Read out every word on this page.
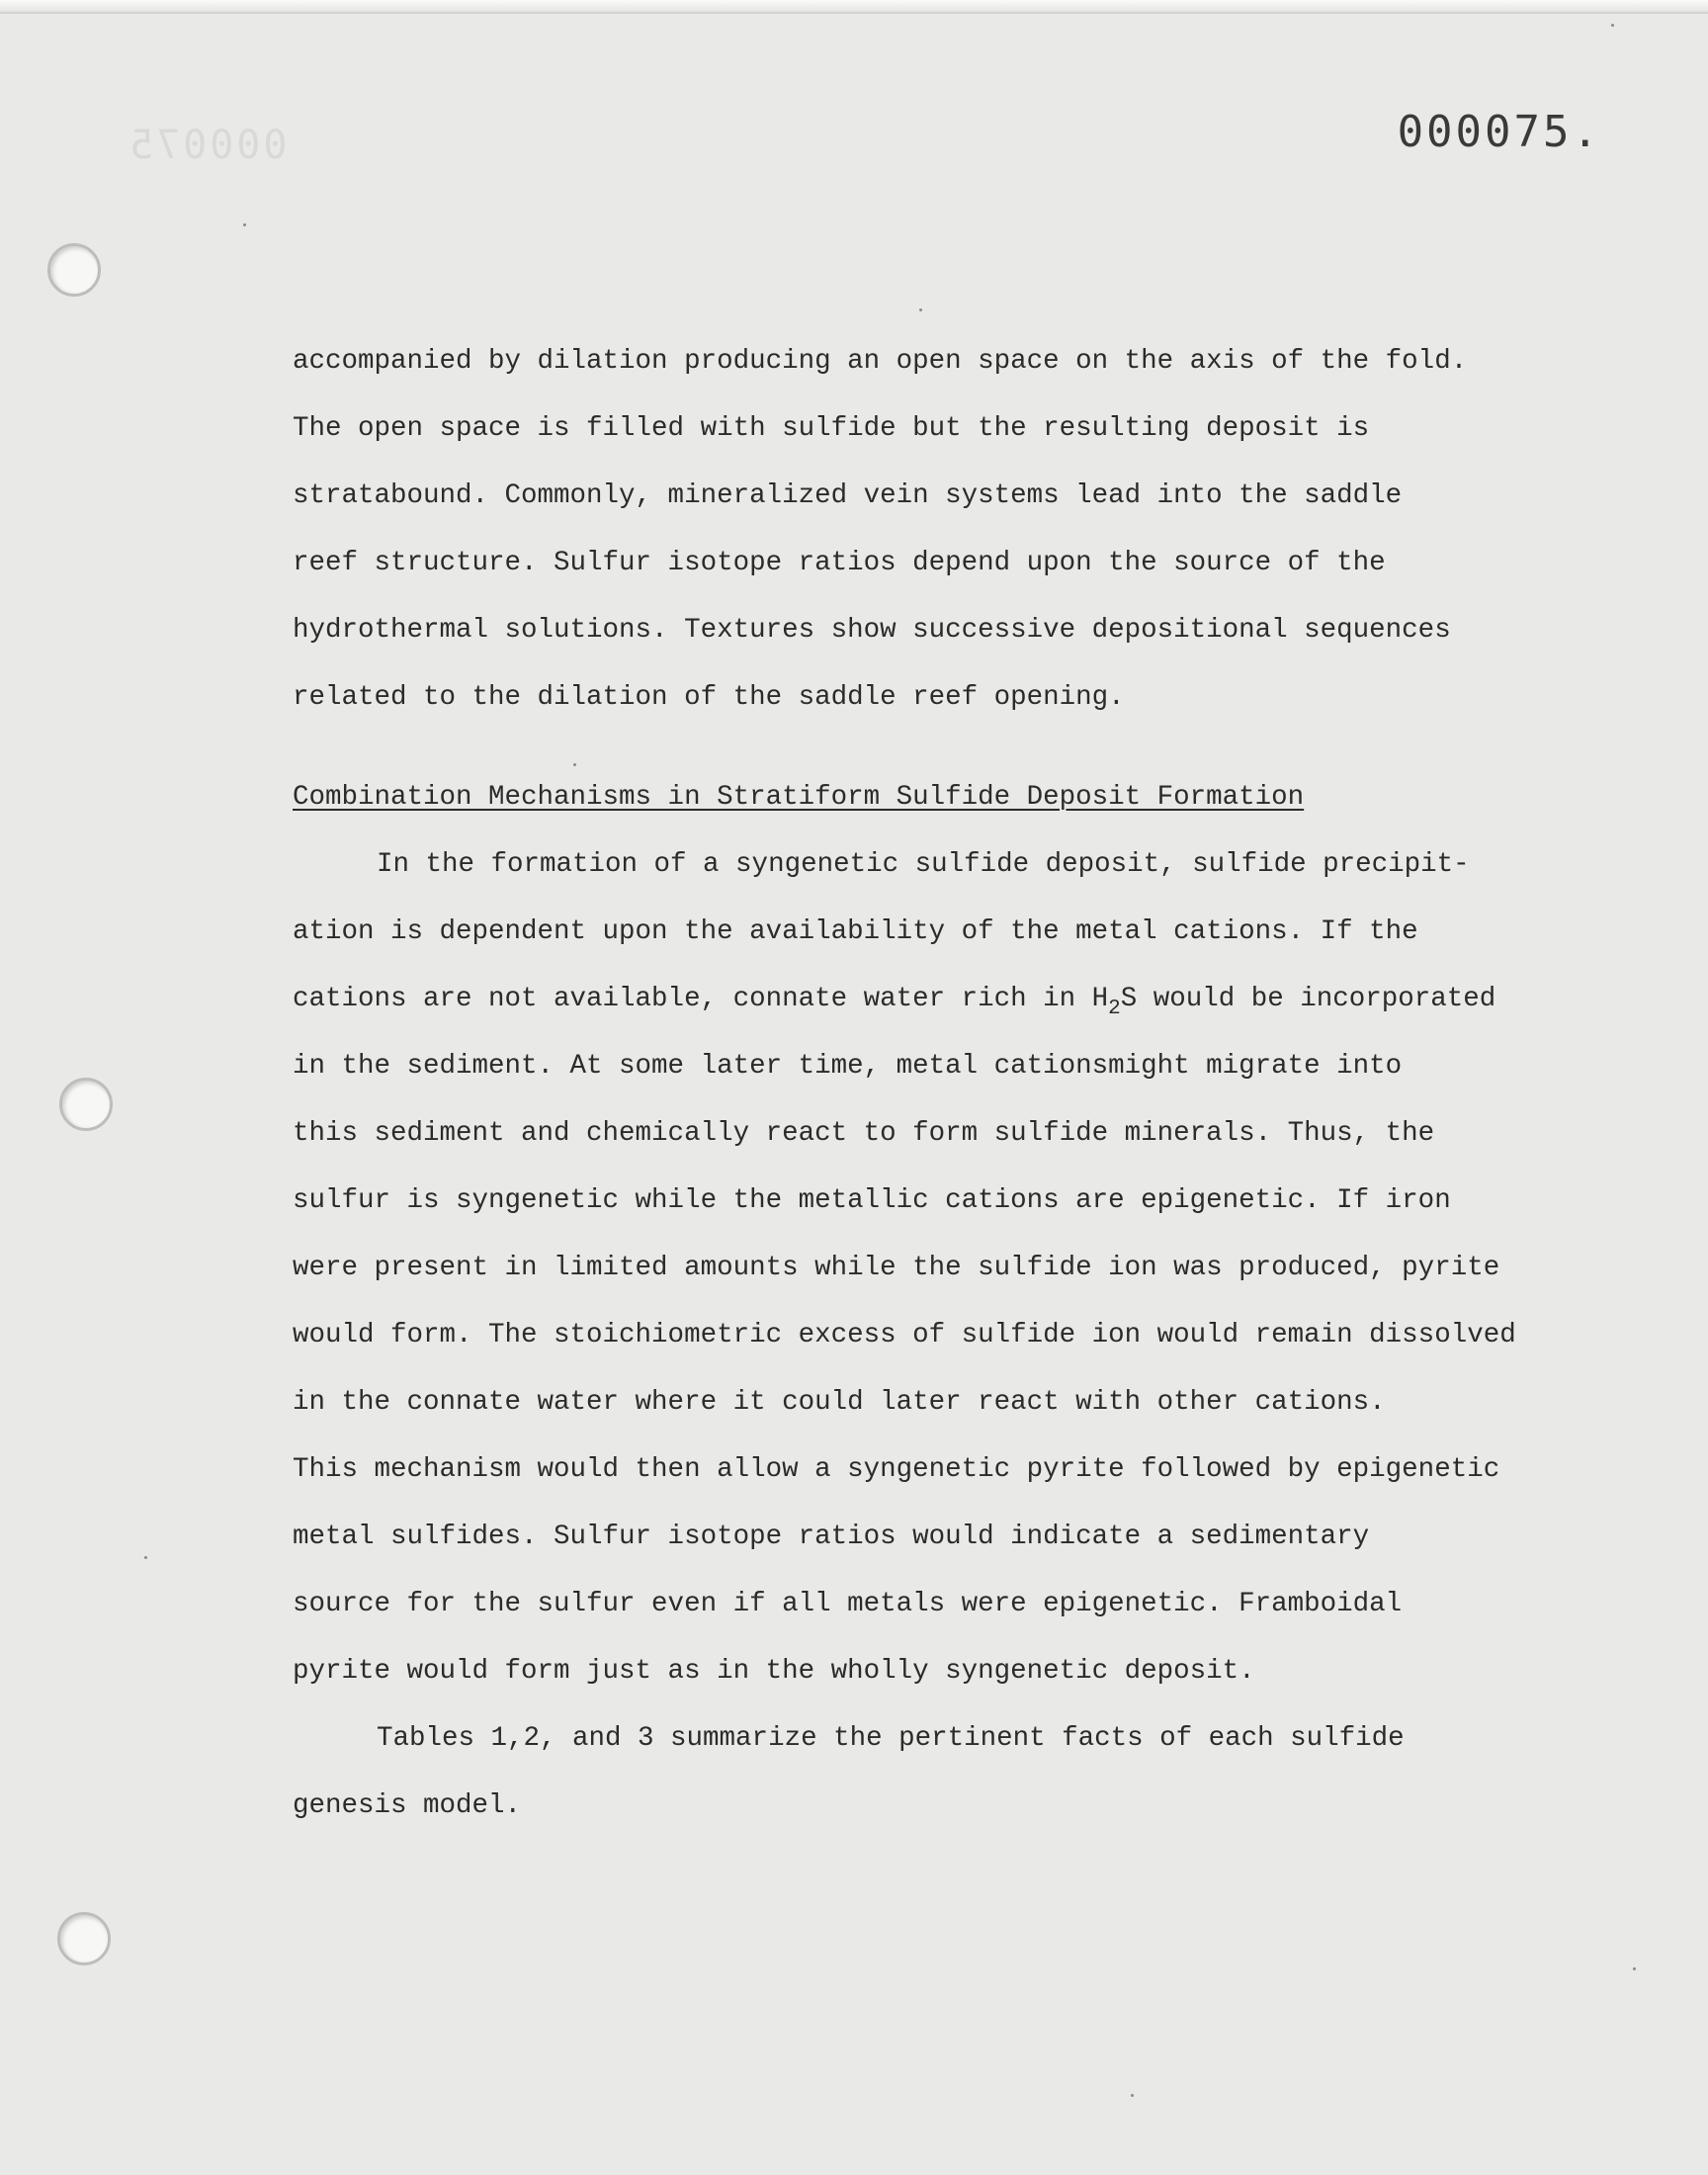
000075	000075.
accompanied by dilation producing an open space on the axis of the fold.
The open space is filled with sulfide but the resulting deposit is
stratabound. Commonly, mineralized vein systems lead into the saddle
reef structure. Sulfur isotope ratios depend upon the source of the
hydrothermal solutions. Textures show successive depositional sequences
related to the dilation of the saddle reef opening.
Combination Mechanisms in Stratiform Sulfide Deposit Formation
In the formation of a syngenetic sulfide deposit, sulfide precipit-
ation is dependent upon the availability of the metal cations. If the
cations are not available, connate water rich in $H_2S$ would be incorporated
in the sediment. At some later time, metal cationsmight migrate into
this sediment and chemically react to form sulfide minerals. Thus, the
sulfur is syngenetic while the metallic cations are epigenetic. If iron
were present in limited amounts while the sulfide ion was produced, pyrite
would form. The stoichiometric excess of sulfide ion would remain dissolved
in the connate water where it could later react with other cations.
This mechanism would then allow a syngenetic pyrite followed by epigenetic
metal sulfides. Sulfur isotope ratios would indicate a sedimentary
source for the sulfur even if all metals were epigenetic. Framboidal
pyrite would form just as in the wholly syngenetic deposit.
Tables 1,2, and 3 summarize the pertinent facts of each sulfide
genesis model.
